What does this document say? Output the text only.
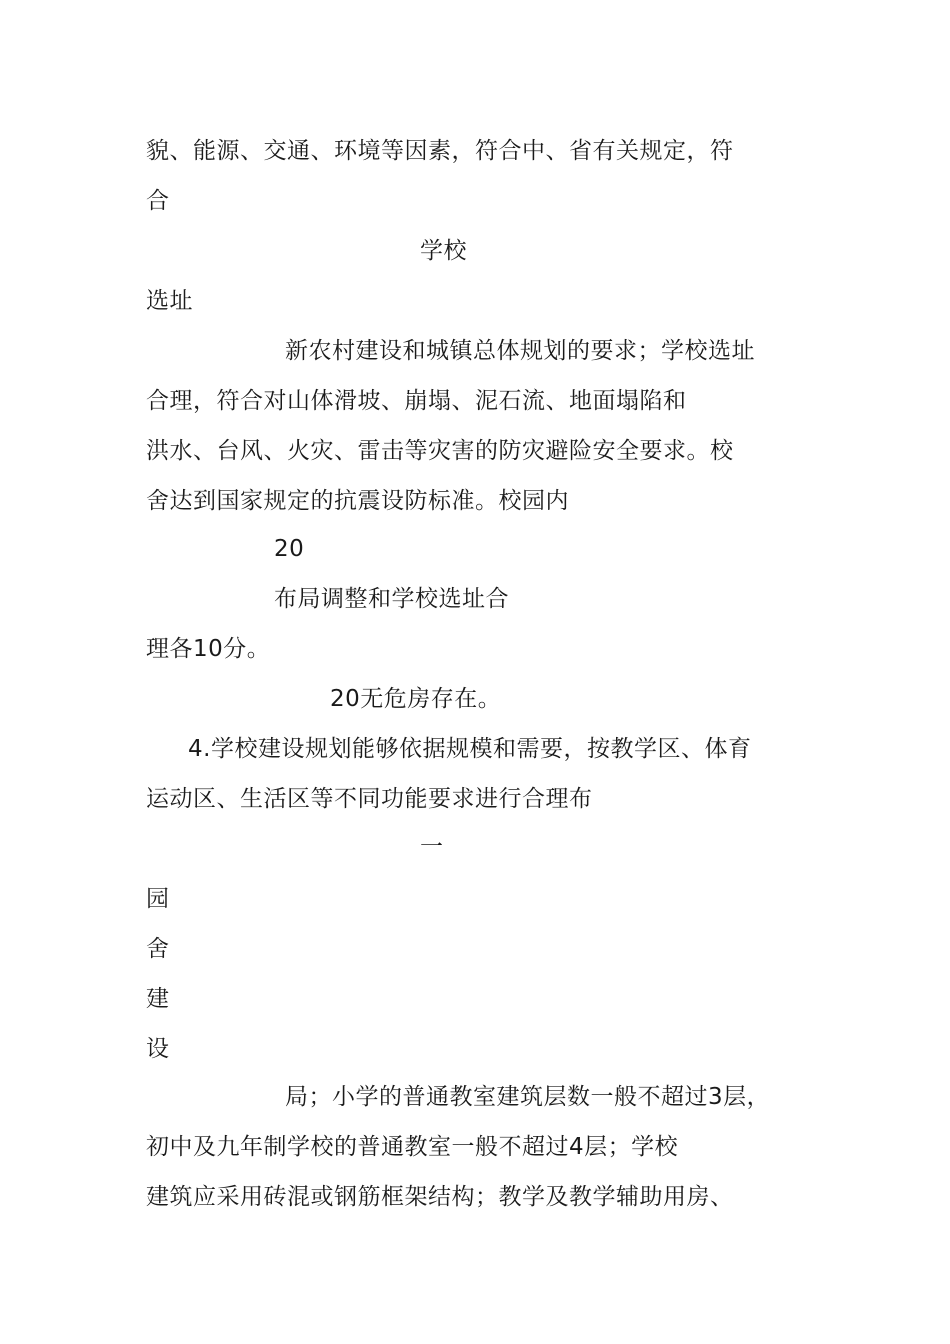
貌、能源、交通、环境等因素，符合中、省有关规定，符
合
学校
选址
新农村建设和城镇总体规划的要求；学校选址
合理，符合对山体滑坡、崩塌、泥石流、地面塌陷和
洪水、台风、火灾、雷击等灾害的防灾避险安全要求。校
舍达到国家规定的抗震设防标准。校园内
20
布局调整和学校选址合
理各10分。
20无危房存在。
4.学校建设规划能够依据规模和需要，按教学区、体育
运动区、生活区等不同功能要求进行合理布
一
园
舍
建
设
局；小学的普通教室建筑层数一般不超过3层，
初中及九年制学校的普通教室一般不超过4层；学校
建筑应采用砖混或钢筋框架结构；教学及教学辅助用房、
